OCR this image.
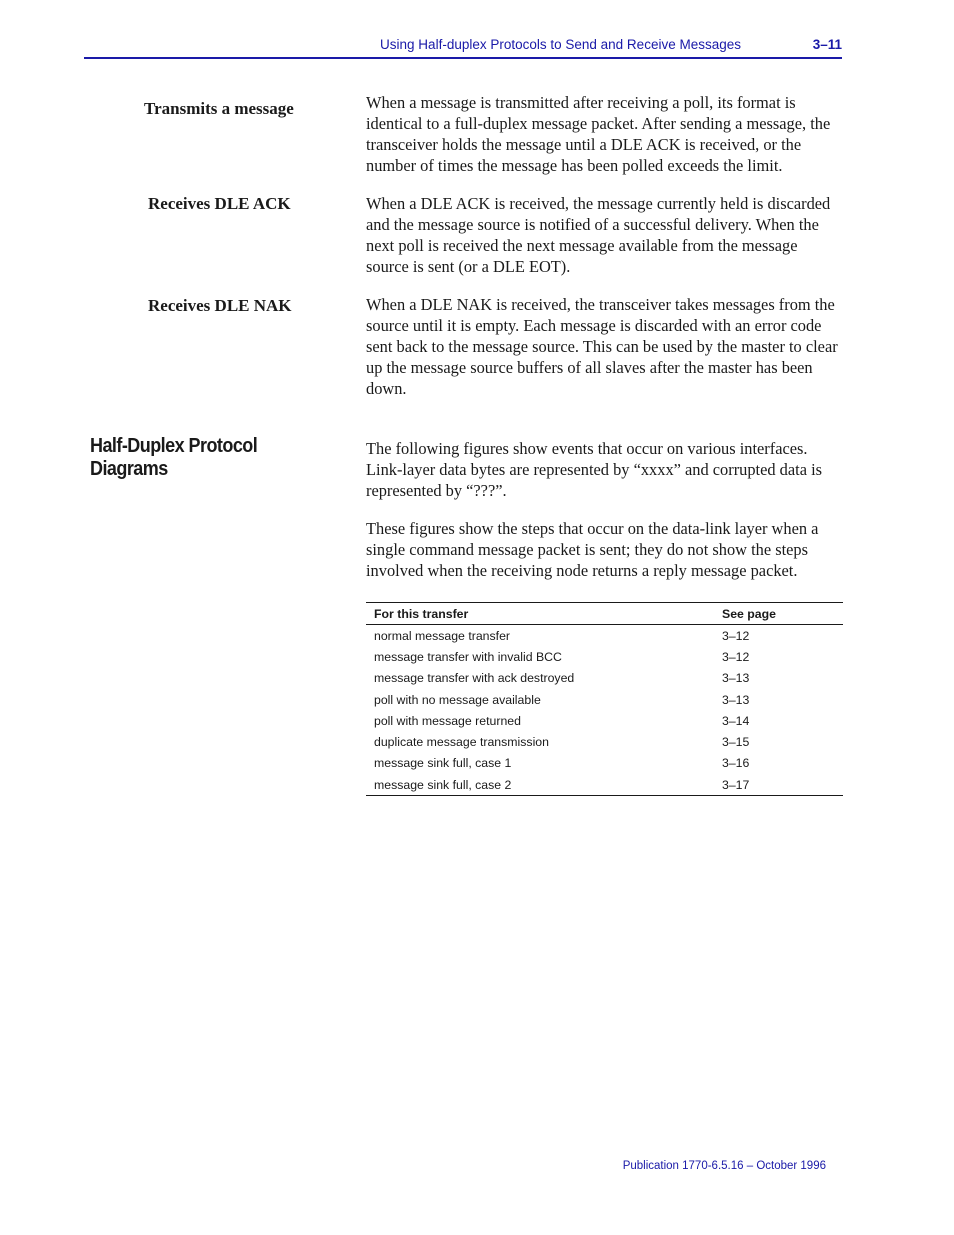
Using Half-duplex Protocols to Send and Receive Messages	3–11
Transmits a message	When a message is transmitted after receiving a poll, its format is identical to a full-duplex message packet. After sending a message, the transceiver holds the message until a DLE ACK is received, or the number of times the message has been polled exceeds the limit.

Receives DLE ACK	When a DLE ACK is received, the message currently held is discarded and the message source is notified of a successful delivery. When the next poll is received the next message available from the message source is sent (or a DLE EOT).

Receives DLE NAK	When a DLE NAK is received, the transceiver takes messages from the source until it is empty. Each message is discarded with an error code sent back to the message source. This can be used by the master to clear up the message source buffers of all slaves after the master has been down.

Half-Duplex Protocol Diagrams

The following figures show events that occur on various interfaces. Link-layer data bytes are represented by “xxxx” and corrupted data is represented by “???”.

These figures show the steps that occur on the data-link layer when a single command message packet is sent; they do not show the steps involved when the receiving node returns a reply message packet.

For this transfer	See page
normal message transfer	3–12
message transfer with invalid BCC	3–12
message transfer with ack destroyed	3–13
poll with no message available	3–13
poll with message returned	3–14
duplicate message transmission	3–15
message sink full, case 1	3–16
message sink full, case 2	3–17
Publication 1770-6.5.16 – October 1996
